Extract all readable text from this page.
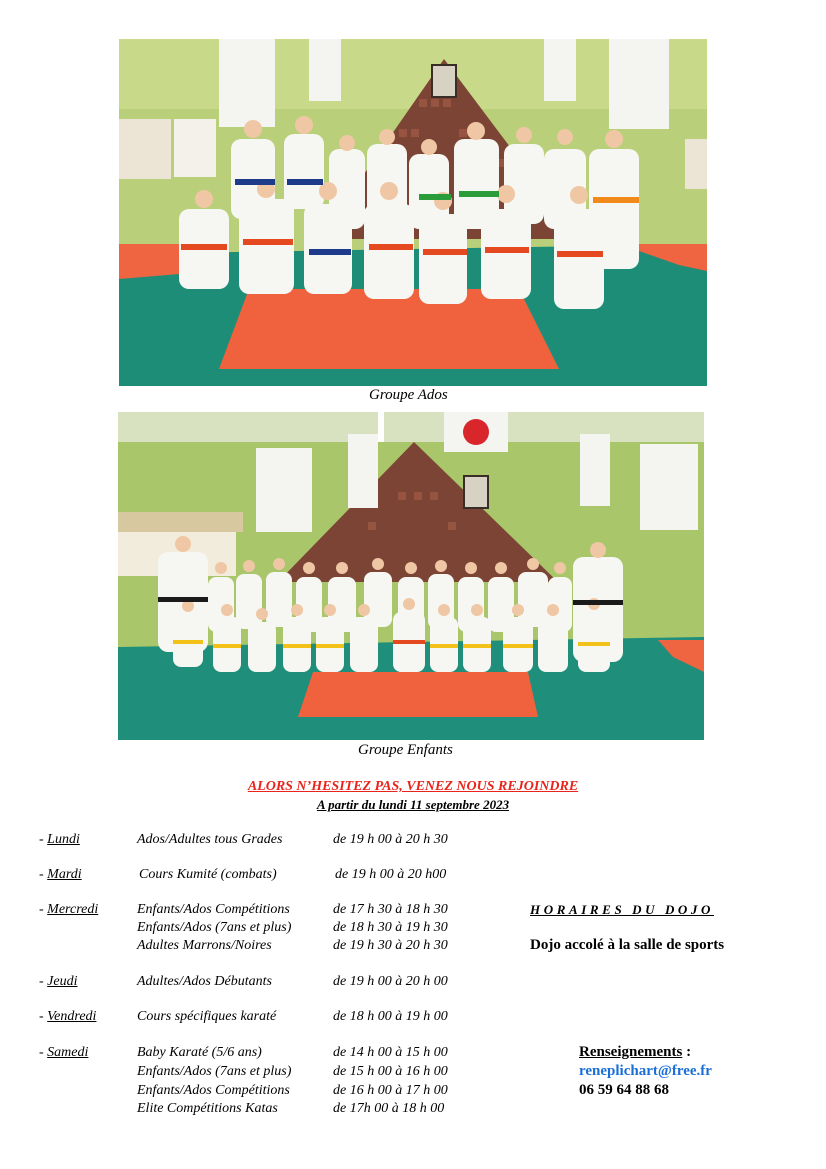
Groupe Ados
Groupe Enfants
ALORS N’HESITEZ PAS, VENEZ NOUS REJOINDRE
A partir du lundi 11 septembre 2023
- Lundi	Ados/Adultes tous Grades	de 19 h 00 à 20 h 30
- Mardi	Cours Kumité (combats)	de 19 h 00 à 20 h00
- Mercredi	Enfants/Ados Compétitions	de 17 h 30 à 18 h 30
Enfants/Ados (7ans et plus)	de 18 h 30 à 19 h 30
Adultes Marrons/Noires	de 19 h 30 à 20 h 30
- Jeudi	Adultes/Ados Débutants	de 19 h 00 à 20 h 00
- Vendredi	Cours spécifiques karaté	de 18 h 00 à 19 h 00
- Samedi	Baby Karaté (5/6 ans)	de 14 h 00 à 15 h 00
Enfants/Ados (7ans et plus)	de 15 h 00 à 16 h 00
Enfants/Ados Compétitions	de 16 h 00 à 17 h 00
Elite Compétitions Katas	de 17h 00 à 18 h 00
HORAIRES DU DOJO
Dojo accolé à la salle de sports
Renseignements :
reneplichart@free.fr
06 59 64 88 68
